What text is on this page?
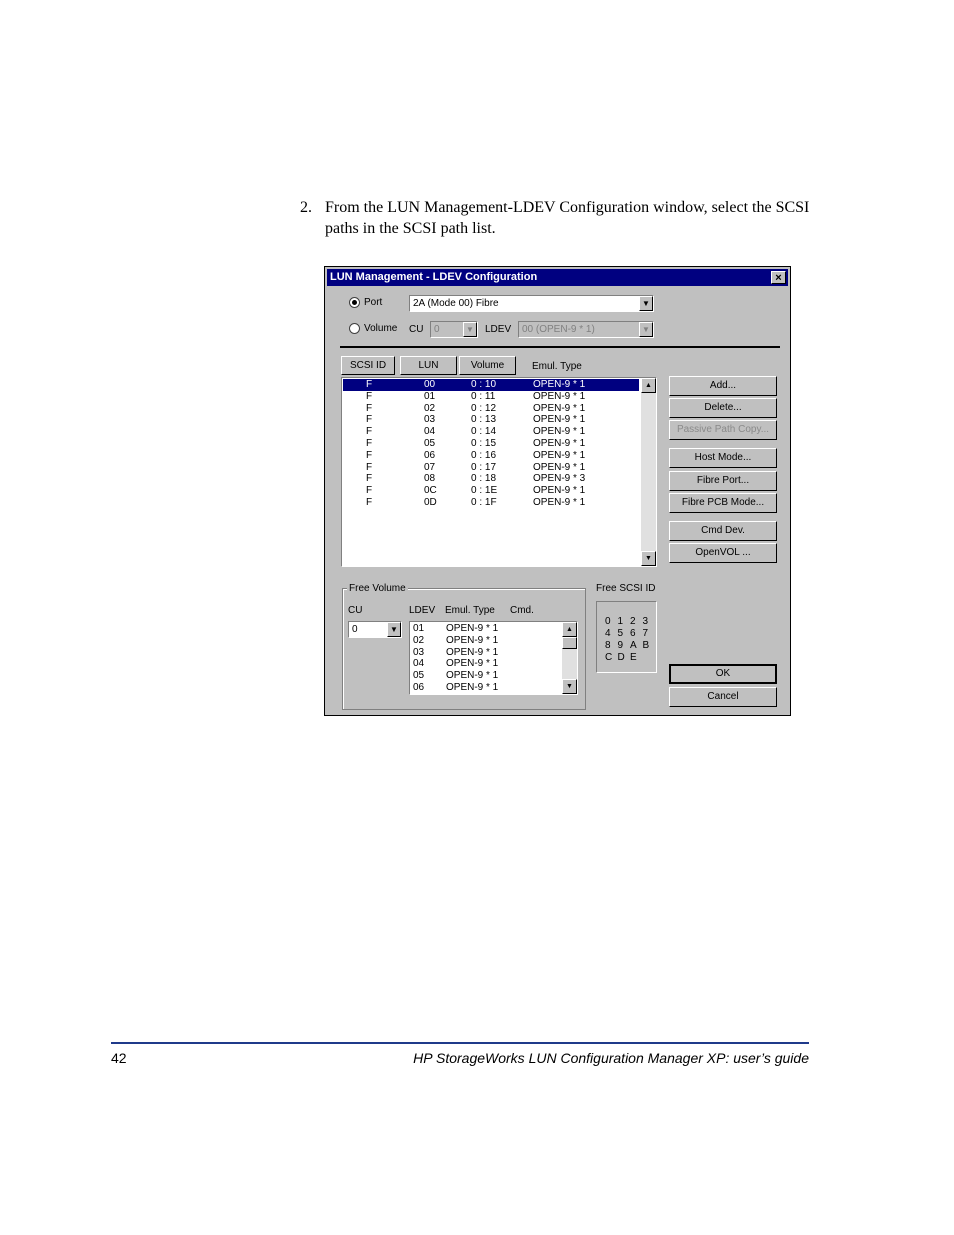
2. From the LUN Management-LDEV Configuration window, select the SCSI paths in the SCSI path list.
LUN Management - LDEV Configuration	×
Port	2A (Mode 00) Fibre	▼
Volume CU 0	▼	LDEV 00 (OPEN-9 * 1)	▼
SCSI ID	LUN	Volume	Emul. Type
F	00	0 : 10	OPEN-9 * 1
F	01	0 : 11	OPEN-9 * 1
F	02	0 : 12	OPEN-9 * 1
F	03	0 : 13	OPEN-9 * 1
F	04	0 : 14	OPEN-9 * 1
F	05	0 : 15	OPEN-9 * 1
F	06	0 : 16	OPEN-9 * 1
F	07	0 : 17	OPEN-9 * 1
F	08	0 : 18	OPEN-9 * 3
F	0C	0 : 1E	OPEN-9 * 1
F	0D	0 : 1F	OPEN-9 * 1
▲
▼
Add...
Delete...
Passive Path Copy...
Host Mode...
Fibre Port...
Fibre PCB Mode...
Cmd Dev.
OpenVOL ...
OK
Cancel
Free Volume
CU
0	▼
LDEV Emul. Type Cmd.
01 OPEN-9 * 1
02 OPEN-9 * 1
03 OPEN-9 * 1
04 OPEN-9 * 1
05 OPEN-9 * 1
06 OPEN-9 * 1
▲
▼
Free SCSI ID
0 1 2 3
4 5 6 7
8 9 A B
C D E
42	HP StorageWorks LUN Configuration Manager XP: user’s guide
